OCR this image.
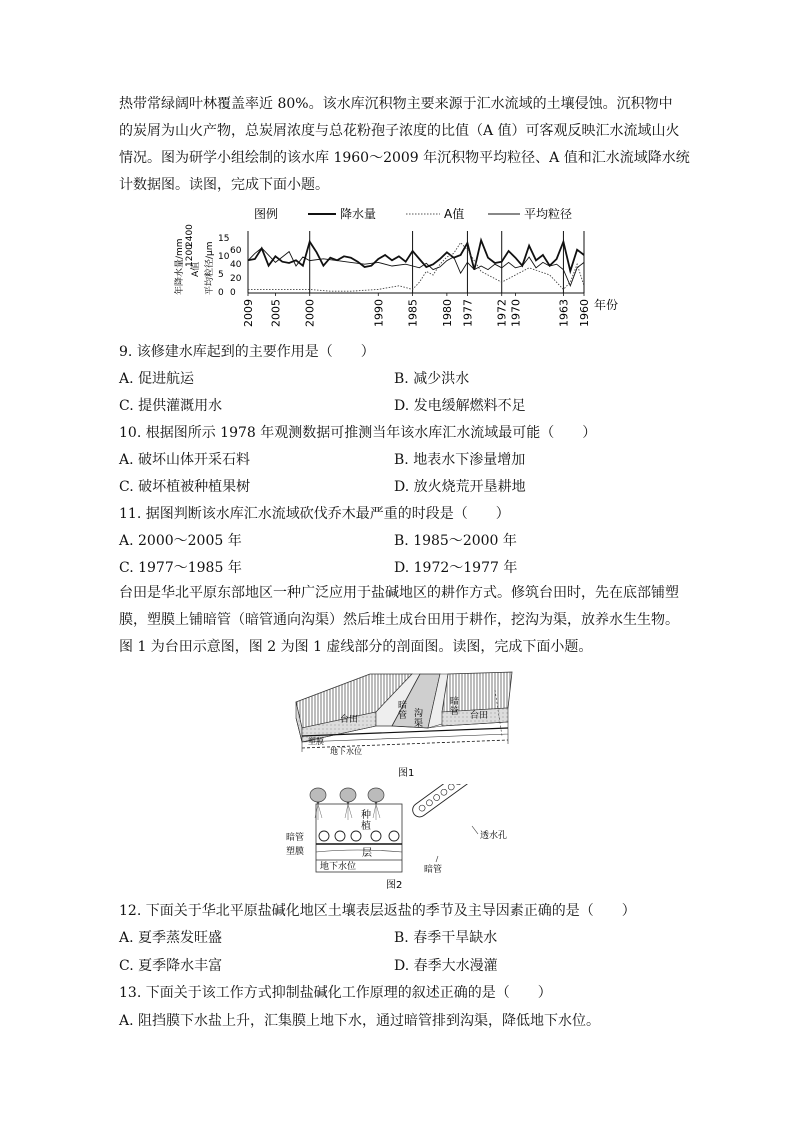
热带常绿阔叶林覆盖率近 80%。该水库沉积物主要来源于汇水流域的土壤侵蚀。沉积物中
的炭屑为山火产物，总炭屑浓度与总花粉孢子浓度的比值（A 值）可客观反映汇水流域山火
情况。图为研学小组绘制的该水库 1960～2009 年沉积物平均粒径、A 值和汇水流域降水统
计数据图。读图，完成下面小题。
图例	降水量	A值	平均粒径
年降水量/mm A值 平均粒径/μm
1200
2400
0
5
10
15
0
20
40
60
2009 2005 2000	1990 1985 1980 1977 1972 1970	1963 1960 年份
9. 该修建水库起到的主要作用是（　　）
A. 促进航运	B. 减少洪水
C. 提供灌溉用水	D. 发电缓解燃料不足
10. 根据图所示 1978 年观测数据可推测当年该水库汇水流域最可能（　　）
A. 破坏山体开采石料	B. 地表水下渗量增加
C. 破坏植被种植果树	D. 放火烧荒开垦耕地
11. 据图判断该水库汇水流域砍伐乔木最严重的时段是（　　）
A. 2000～2005 年	B. 1985～2000 年
C. 1977～1985 年	D. 1972～1977 年
台田是华北平原东部地区一种广泛应用于盐碱地区的耕作方式。修筑台田时，先在底部铺塑
膜，塑膜上铺暗管（暗管通向沟渠）然后堆土成台田用于耕作，挖沟为渠，放养水生生物。
图 1 为台田示意图，图 2 为图 1 虚线部分的剖面图。读图，完成下面小题。
台田
暗管 沟渠
暗管 台田
塑膜
地下水位
图1
种植
层
暗管
塑膜
地下水位
透水孔
暗管
图2
12. 下面关于华北平原盐碱化地区土壤表层返盐的季节及主导因素正确的是（　　）
A. 夏季蒸发旺盛	B. 春季干旱缺水
C. 夏季降水丰富	D. 春季大水漫灌
13. 下面关于该工作方式抑制盐碱化工作原理的叙述正确的是（　　）
A. 阻挡膜下水盐上升，汇集膜上地下水，通过暗管排到沟渠，降低地下水位。
